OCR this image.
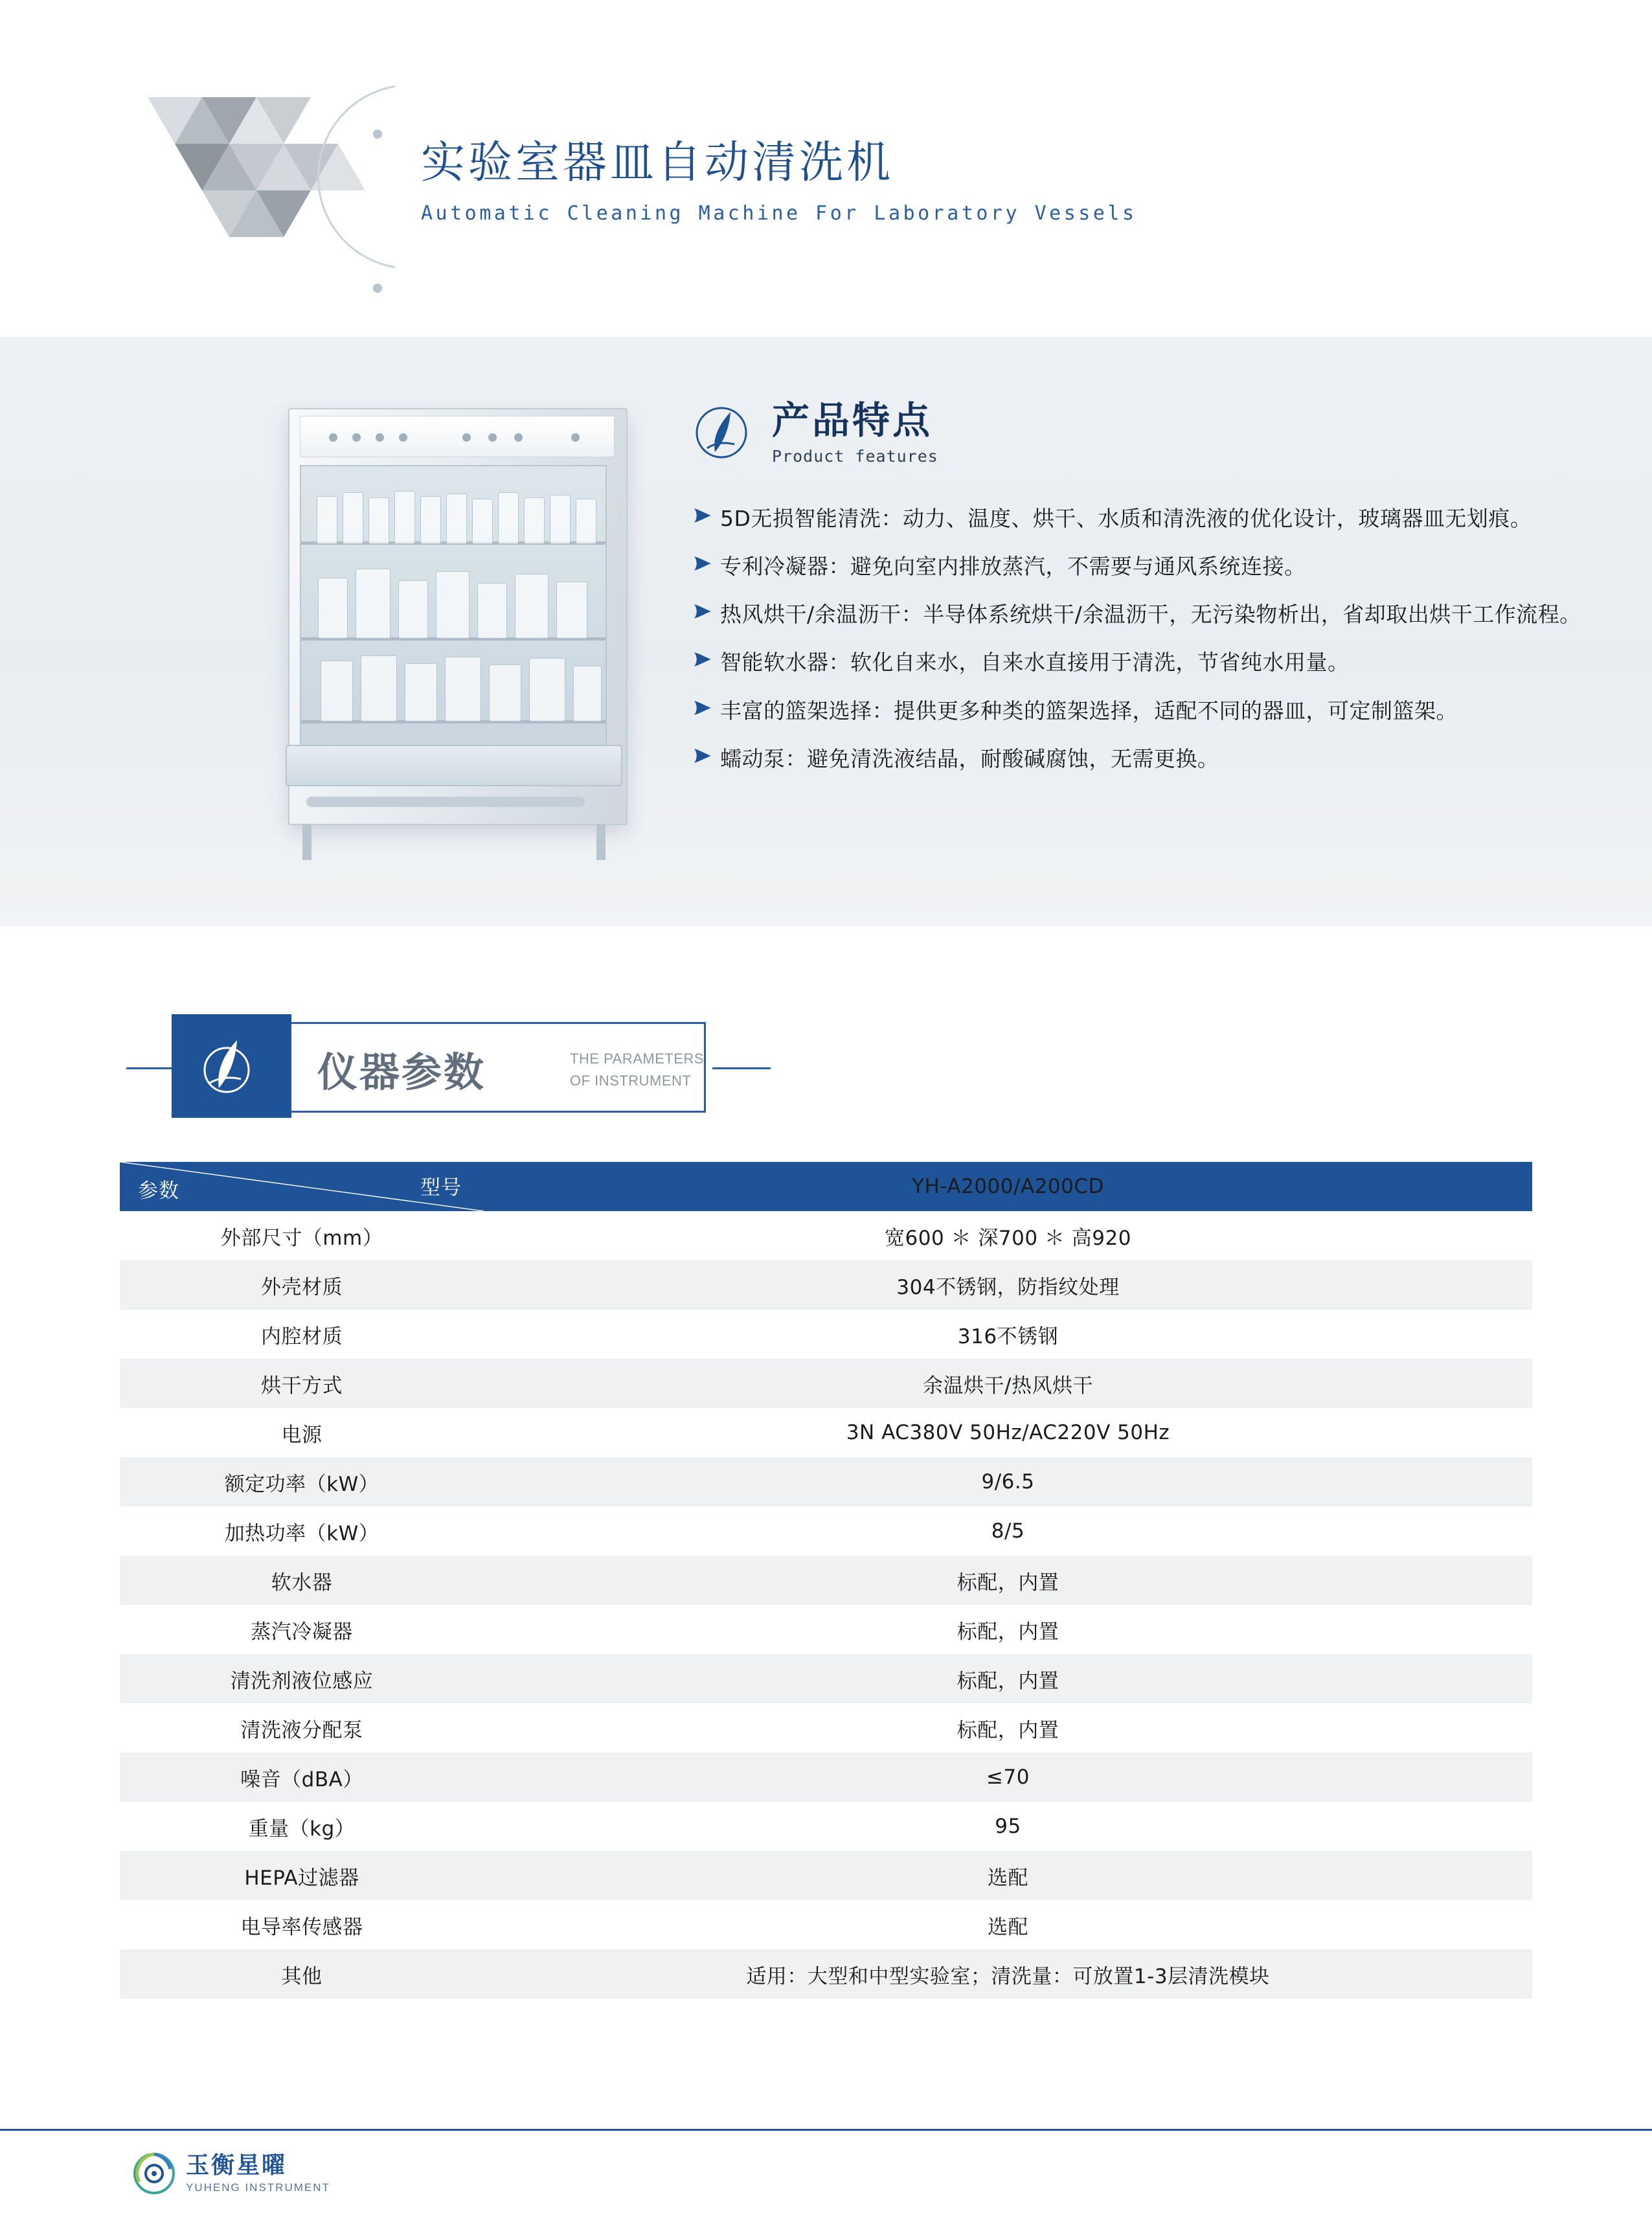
实验室器皿自动清洗机
Automatic Cleaning Machine For Laboratory Vessels
产品特点
Product features
5D无损智能清洗：动力、温度、烘干、水质和清洗液的优化设计，玻璃器皿无划痕。
专利冷凝器：避免向室内排放蒸汽，不需要与通风系统连接。
热风烘干/余温沥干：半导体系统烘干/余温沥干，无污染物析出，省却取出烘干工作流程。
智能软水器：软化自来水，自来水直接用于清洗，节省纯水用量。
丰富的篮架选择：提供更多种类的篮架选择，适配不同的器皿，可定制篮架。
蠕动泵：避免清洗液结晶，耐酸碱腐蚀，无需更换。
仪器参数	THE PARAMETERS OF INSTRUMENT
型号
参数	YH-A2000/A200CD
外部尺寸（mm）	宽600 ＊ 深700 ＊ 高920
外壳材质	304不锈钢，防指纹处理
内腔材质	316不锈钢
烘干方式	余温烘干/热风烘干
电源	3N AC380V 50Hz/AC220V 50Hz
额定功率（kW）	9/6.5
加热功率（kW）	8/5
软水器	标配，内置
蒸汽冷凝器	标配，内置
清洗剂液位感应	标配，内置
清洗液分配泵	标配，内置
噪音（dBA）	≤70
重量（kg）	95
HEPA过滤器	选配
电导率传感器	选配
其他	适用：大型和中型实验室；清洗量：可放置1-3层清洗模块
玉衡星曜
YUHENG INSTRUMENT
